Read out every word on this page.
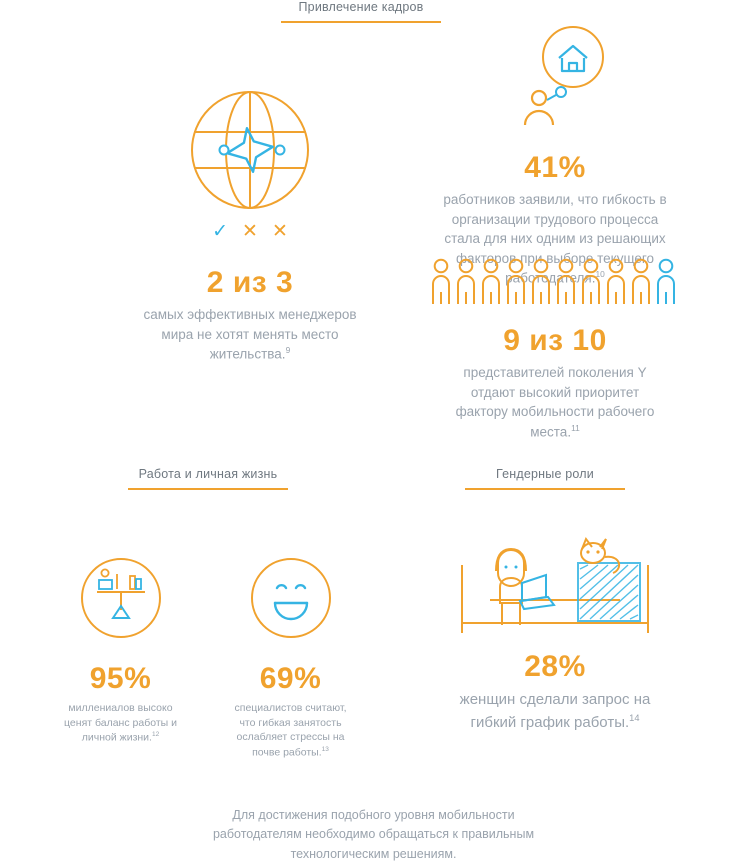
Привлечение кадров
✓ ✕ ✕
2 из 3
самых эффективных менеджеров мира не хотят менять место жительства.$^9$
41%
работников заявили, что гибкость в организации трудового процесса стала для них одним из решающих факторов при выборе текущего работодателя.$^{10}$
9 из 10
представителей поколения Y отдают высокий приоритет фактору мобильности рабочего места.$^{11}$
Работа и личная жизнь	Гендерные роли
95%
миллениалов высоко ценят баланс работы и личной жизни.$^{12}$
69%
специалистов считают, что гибкая занятость ослабляет стрессы на почве работы.$^{13}$
28%
женщин сделали запрос на гибкий график работы.$^{14}$
Для достижения подобного уровня мобильности
работодателям необходимо обращаться к правильным
технологическим решениям.
